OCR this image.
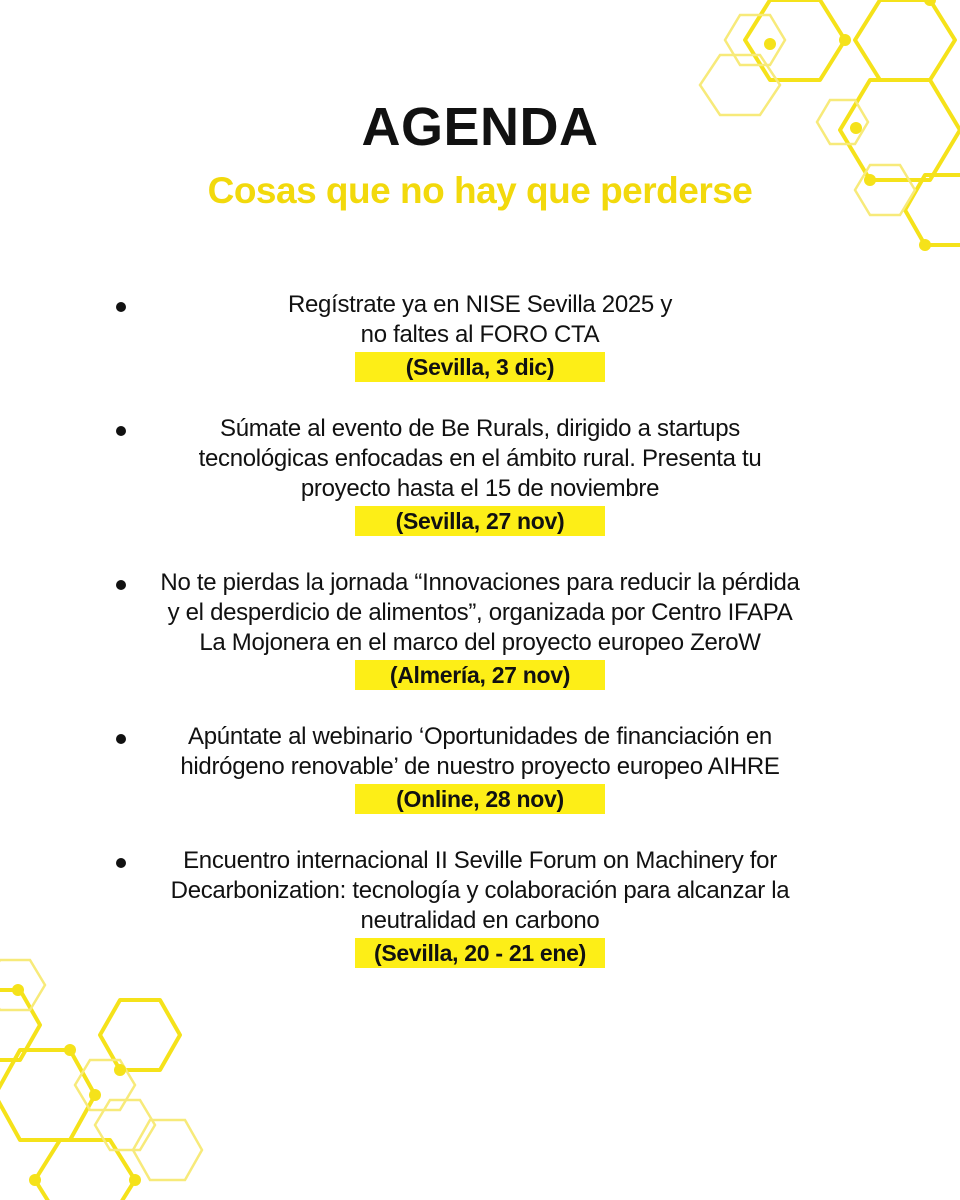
AGENDA
Cosas que no hay que perderse
Regístrate ya en NISE Sevilla 2025 y
no faltes al FORO CTA
(Sevilla, 3 dic)
Súmate al evento de Be Rurals, dirigido a startups
tecnológicas enfocadas en el ámbito rural. Presenta tu
proyecto hasta el 15 de noviembre
(Sevilla, 27 nov)
No te pierdas la jornada “Innovaciones para reducir la pérdida
y el desperdicio de alimentos”, organizada por Centro IFAPA
La Mojonera en el marco del proyecto europeo ZeroW
(Almería, 27 nov)
Apúntate al webinario ‘Oportunidades de financiación en
hidrógeno renovable’ de nuestro proyecto europeo AIHRE
(Online, 28 nov)
Encuentro internacional II Seville Forum on Machinery for
Decarbonization: tecnología y colaboración para alcanzar la
neutralidad en carbono
(Sevilla, 20 - 21 ene)
